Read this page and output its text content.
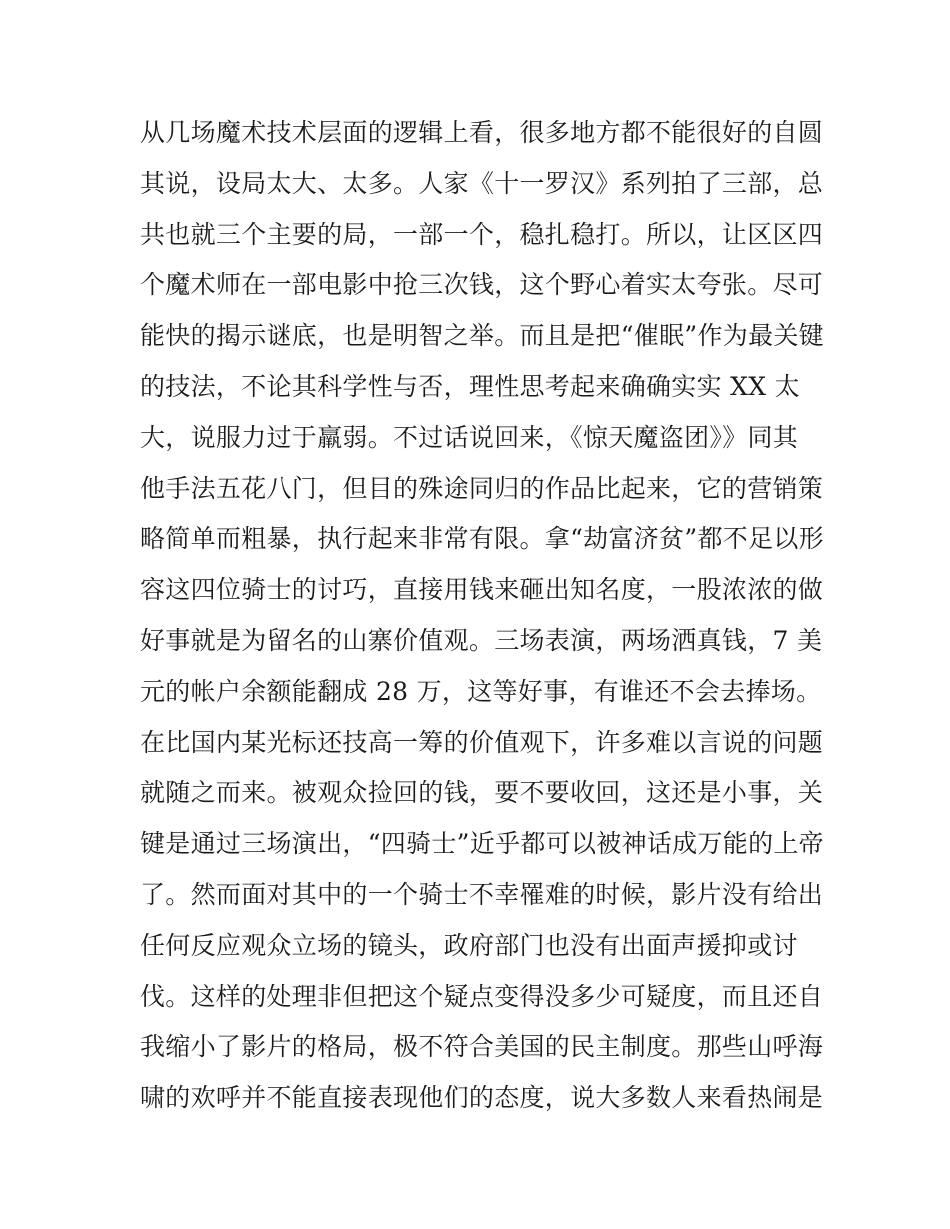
从几场魔术技术层面的逻辑上看，很多地方都不能很好的自圆
其说，设局太大、太多。人家《十一罗汉》系列拍了三部，总
共也就三个主要的局，一部一个，稳扎稳打。所以，让区区四
个魔术师在一部电影中抢三次钱，这个野心着实太夸张。尽可
能快的揭示谜底，也是明智之举。而且是把“催眠”作为最关键
的技法，不论其科学性与否，理性思考起来确确实实 XX 太
大，说服力过于羸弱。不过话说回来，《惊天魔盗团》》同其
他手法五花八门，但目的殊途同归的作品比起来，它的营销策
略简单而粗暴，执行起来非常有限。拿“劫富济贫”都不足以形
容这四位骑士的讨巧，直接用钱来砸出知名度，一股浓浓的做
好事就是为留名的山寨价值观。三场表演，两场洒真钱，7 美
元的帐户余额能翻成 28 万，这等好事，有谁还不会去捧场。
在比国内某光标还技高一筹的价值观下，许多难以言说的问题
就随之而来。被观众捡回的钱，要不要收回，这还是小事，关
键是通过三场演出，“四骑士”近乎都可以被神话成万能的上帝
了。然而面对其中的一个骑士不幸罹难的时候，影片没有给出
任何反应观众立场的镜头，政府部门也没有出面声援抑或讨
伐。这样的处理非但把这个疑点变得没多少可疑度，而且还自
我缩小了影片的格局，极不符合美国的民主制度。那些山呼海
啸的欢呼并不能直接表现他们的态度，说大多数人来看热闹是
